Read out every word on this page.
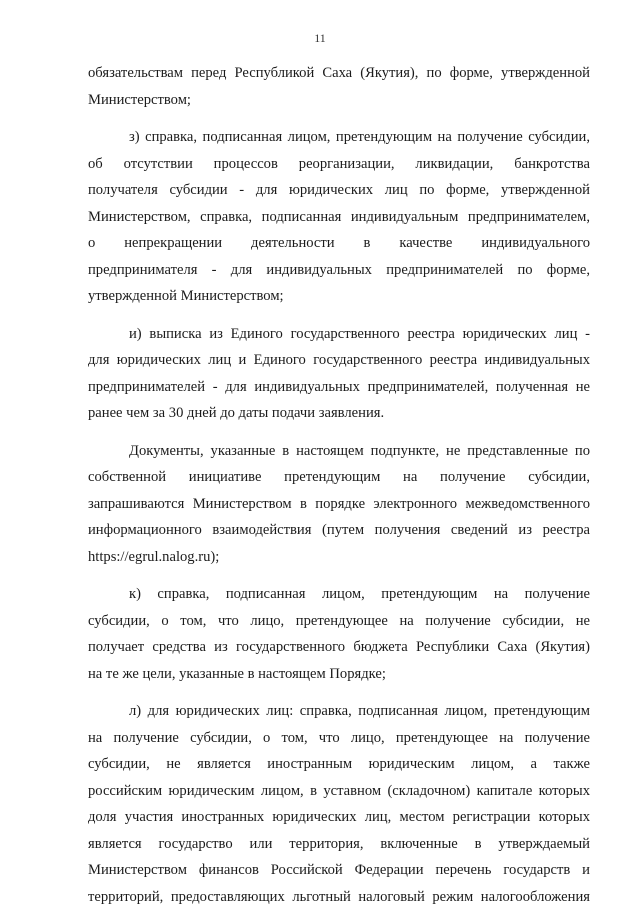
11
обязательствам перед Республикой Саха (Якутия), по форме, утвержденной
Министерством;
з) справка, подписанная лицом, претендующим на получение субсидии,
об отсутствии процессов реорганизации, ликвидации, банкротства
получателя субсидии - для юридических лиц по форме, утвержденной
Министерством, справка, подписанная индивидуальным предпринимателем,
о непрекращении деятельности в качестве индивидуального
предпринимателя - для индивидуальных предпринимателей по форме,
утвержденной Министерством;
и) выписка из Единого государственного реестра юридических лиц -
для юридических лиц и Единого государственного реестра индивидуальных
предпринимателей - для индивидуальных предпринимателей, полученная не
ранее чем за 30 дней до даты подачи заявления.
Документы, указанные в настоящем подпункте, не представленные по
собственной инициативе претендующим на получение субсидии,
запрашиваются Министерством в порядке электронного межведомственного
информационного взаимодействия (путем получения сведений из реестра
https://egrul.nalog.ru);
к) справка, подписанная лицом, претендующим на получение
субсидии, о том, что лицо, претендующее на получение субсидии, не
получает средства из государственного бюджета Республики Саха (Якутия)
на те же цели, указанные в настоящем Порядке;
л) для юридических лиц: справка, подписанная лицом, претендующим
на получение субсидии, о том, что лицо, претендующее на получение
субсидии, не является иностранным юридическим лицом, а также
российским юридическим лицом, в уставном (складочном) капитале которых
доля участия иностранных юридических лиц, местом регистрации которых
является государство или территория, включенные в утверждаемый
Министерством финансов Российской Федерации перечень государств и
территорий, предоставляющих льготный налоговый режим налогообложения
